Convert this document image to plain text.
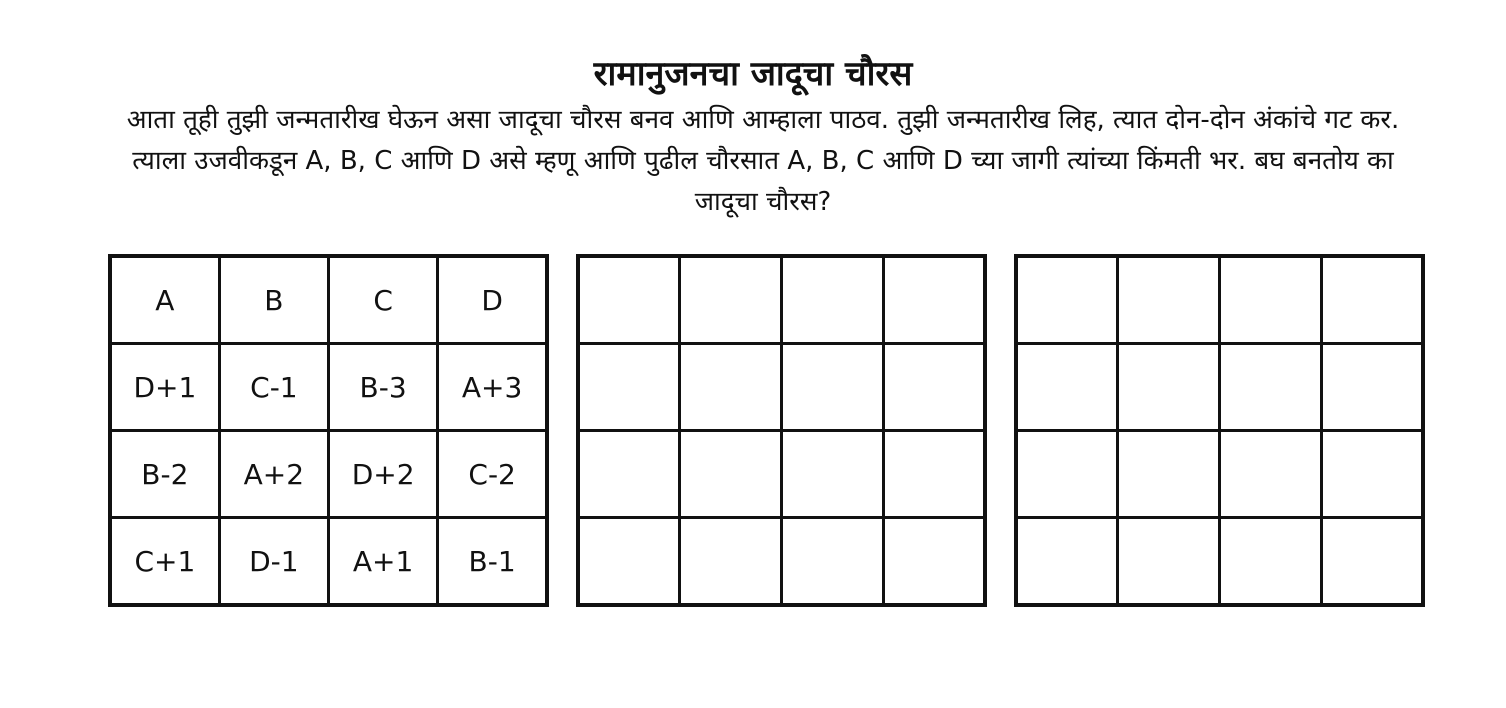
रामानुजनचा जादूचा चौरस

आता तूही तुझी जन्मतारीख घेऊन असा जादूचा चौरस बनव आणि आम्हाला पाठव. तुझी जन्मतारीख लिह, त्यात दोन-दोन अंकांचे गट कर. त्याला उजवीकडून A, B, C आणि D असे म्हणू आणि पुढील चौरसात A, B, C आणि D च्या जागी त्यांच्या किंमती भर. बघ बनतोय का जादूचा चौरस?

A	B	C	D
D+1	C-1	B-3	A+3
B-2	A+2	D+2	C-2
C+1	D-1	A+1	B-1
